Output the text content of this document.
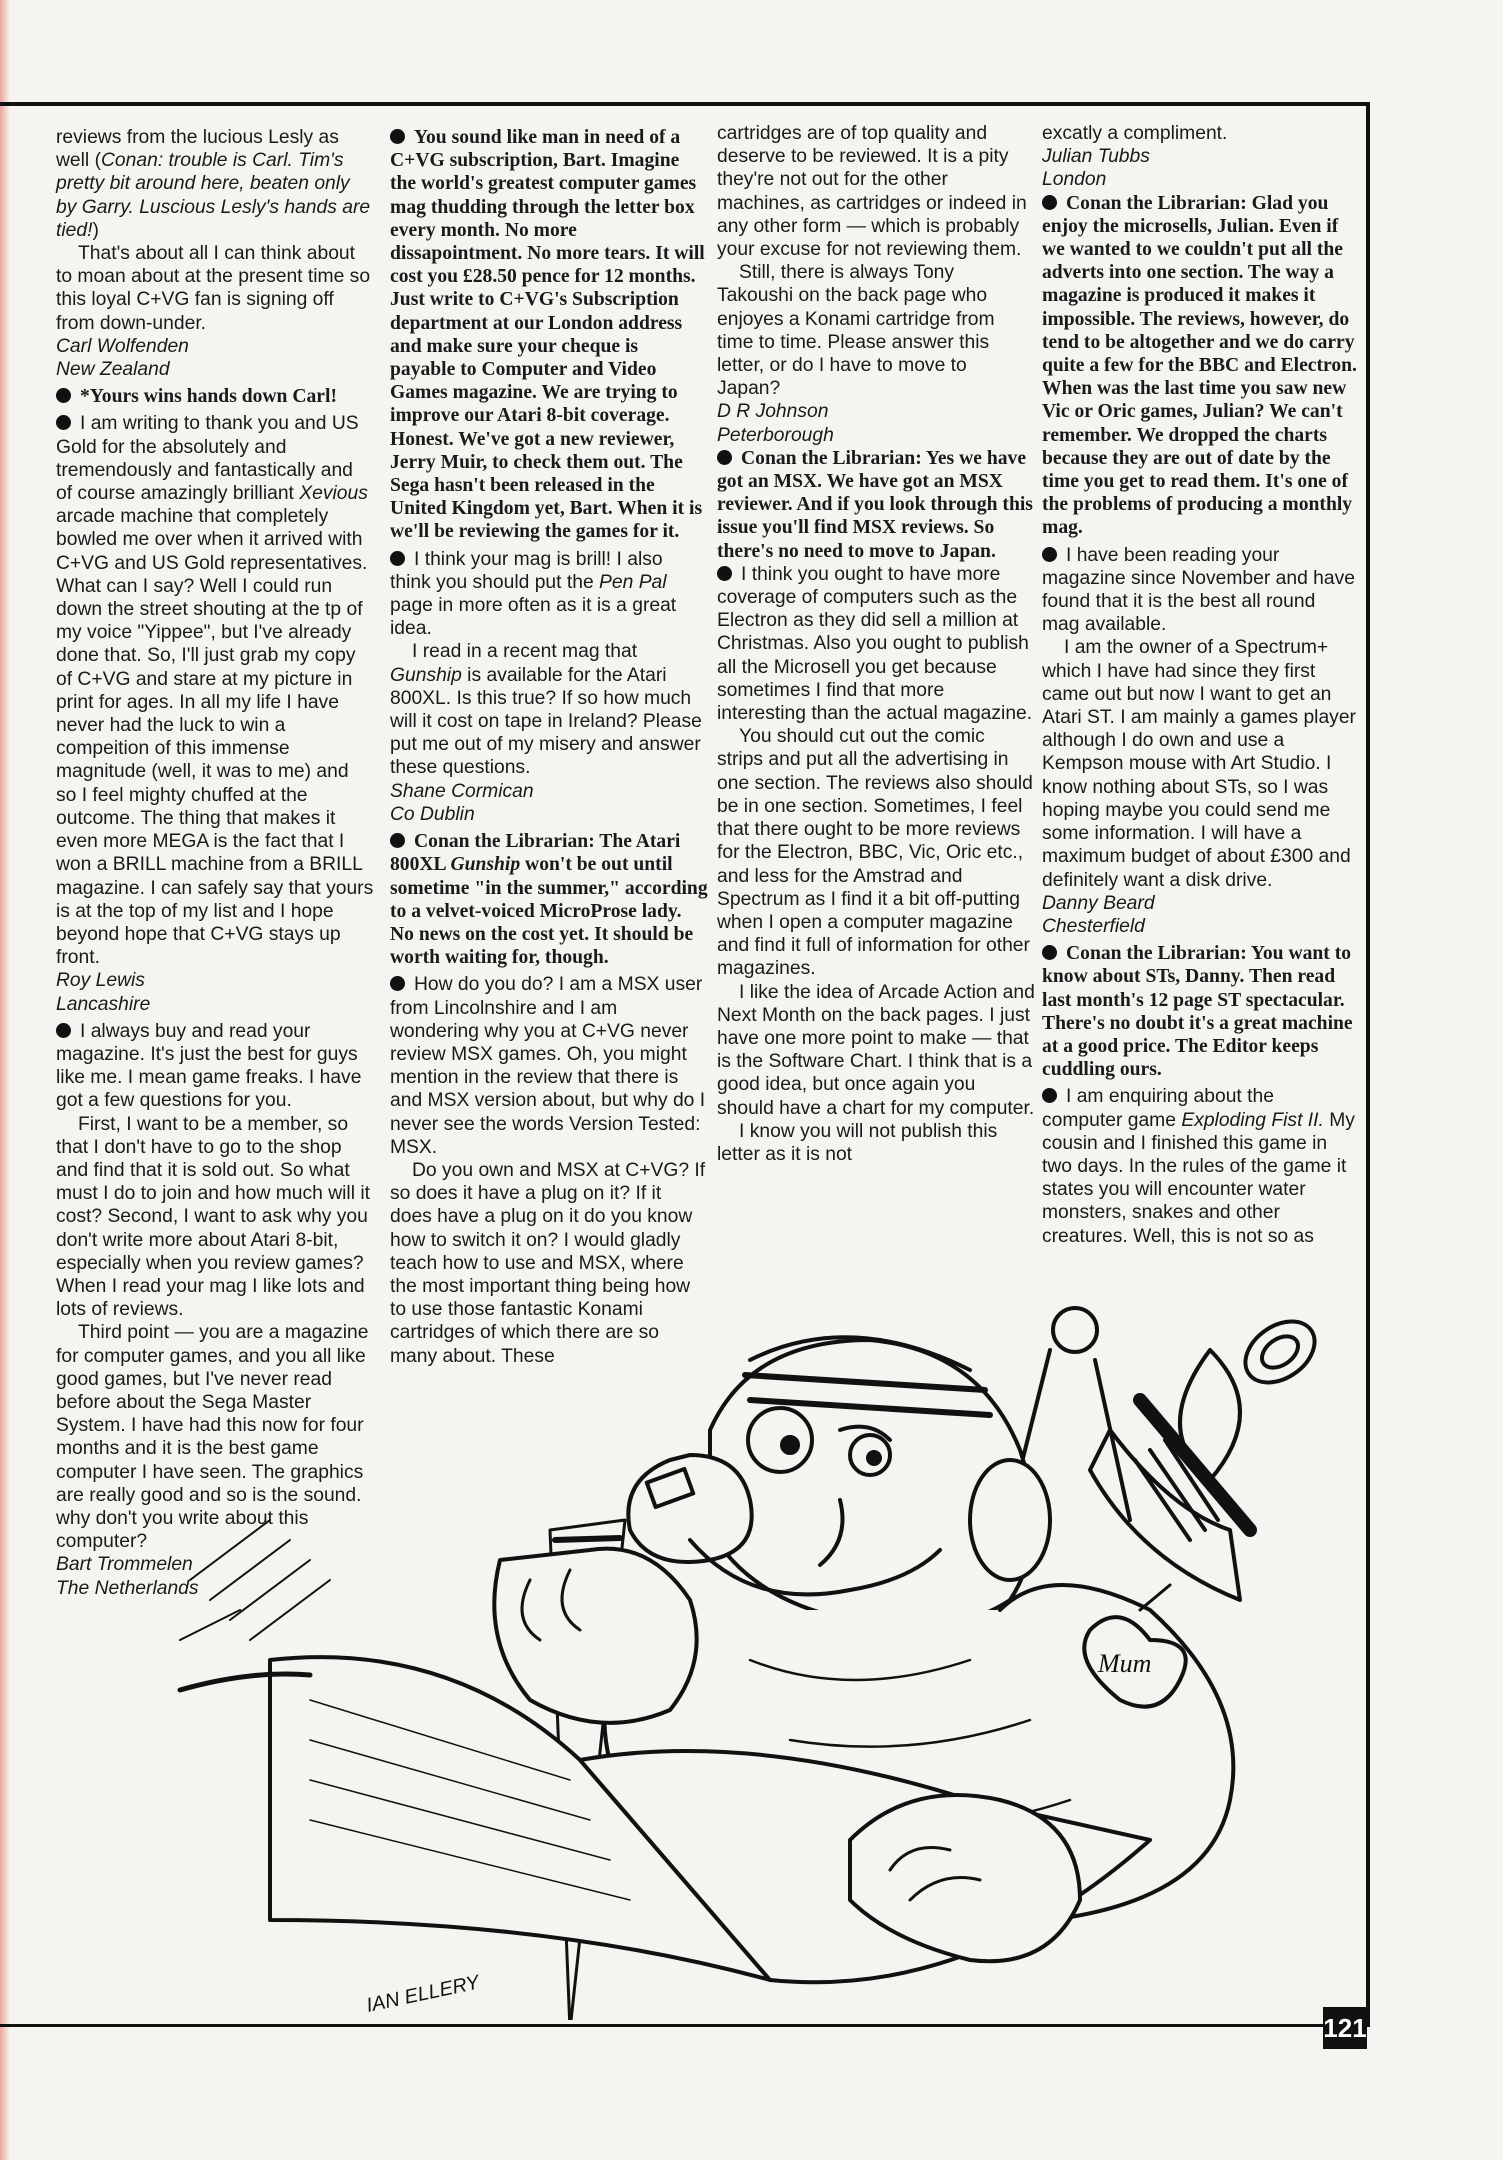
reviews from the lucious Lesly as well (Conan: trouble is Carl. Tim's pretty bit around here, beaten only by Garry. Luscious Lesly's hands are tied!)

That's about all I can think about to moan about at the present time so this loyal C+VG fan is signing off from down-under.

Carl Wolfenden

New Zealand

*Yours wins hands down Carl!

I am writing to thank you and US Gold for the absolutely and tremendously and fantastically and of course amazingly brilliant Xevious arcade machine that completely bowled me over when it arrived with C+VG and US Gold representatives. What can I say? Well I could run down the street shouting at the tp of my voice "Yippee", but I've already done that. So, I'll just grab my copy of C+VG and stare at my picture in print for ages. In all my life I have never had the luck to win a compeition of this immense magnitude (well, it was to me) and so I feel mighty chuffed at the outcome. The thing that makes it even more MEGA is the fact that I won a BRILL machine from a BRILL magazine. I can safely say that yours is at the top of my list and I hope beyond hope that C+VG stays up front.

Roy Lewis

Lancashire

I always buy and read your magazine. It's just the best for guys like me. I mean game freaks. I have got a few questions for you.

First, I want to be a member, so that I don't have to go to the shop and find that it is sold out. So what must I do to join and how much will it cost? Second, I want to ask why you don't write more about Atari 8-bit, especially when you review games? When I read your mag I like lots and lots of reviews.

Third point — you are a magazine for computer games, and you all like good games, but I've never read before about the Sega Master System. I have had this now for four months and it is the best game computer I have seen. The graphics are really good and so is the sound. why don't you write about this computer?

Bart Trommelen

The Netherlands

You sound like man in need of a C+VG subscription, Bart. Imagine the world's greatest computer games mag thudding through the letter box every month. No more dissapointment. No more tears. It will cost you £28.50 pence for 12 months. Just write to C+VG's Subscription department at our London address and make sure your cheque is payable to Computer and Video Games magazine. We are trying to improve our Atari 8-bit coverage. Honest. We've got a new reviewer, Jerry Muir, to check them out. The Sega hasn't been released in the United Kingdom yet, Bart. When it is we'll be reviewing the games for it.

I think your mag is brill! I also think you should put the Pen Pal page in more often as it is a great idea.

I read in a recent mag that Gunship is available for the Atari 800XL. Is this true? If so how much will it cost on tape in Ireland? Please put me out of my misery and answer these questions.

Shane Cormican

Co Dublin

Conan the Librarian: The Atari 800XL Gunship won't be out until sometime "in the summer," according to a velvet-voiced MicroProse lady. No news on the cost yet. It should be worth waiting for, though.

How do you do? I am a MSX user from Lincolnshire and I am wondering why you at C+VG never review MSX games. Oh, you might mention in the review that there is and MSX version about, but why do I never see the words Version Tested: MSX.

Do you own and MSX at C+VG? If so does it have a plug on it? If it does have a plug on it do you know how to switch it on? I would gladly teach how to use and MSX, where the most important thing being how to use those fantastic Konami cartridges of which there are so many about. These

cartridges are of top quality and deserve to be reviewed. It is a pity they're not out for the other machines, as cartridges or indeed in any other form — which is probably your excuse for not reviewing them.

Still, there is always Tony Takoushi on the back page who enjoyes a Konami cartridge from time to time. Please answer this letter, or do I have to move to Japan?

D R Johnson

Peterborough

Conan the Librarian: Yes we have got an MSX. We have got an MSX reviewer. And if you look through this issue you'll find MSX reviews. So there's no need to move to Japan.

I think you ought to have more coverage of computers such as the Electron as they did sell a million at Christmas. Also you ought to publish all the Microsell you get because sometimes I find that more interesting than the actual magazine.

You should cut out the comic strips and put all the advertising in one section. The reviews also should be in one section. Sometimes, I feel that there ought to be more reviews for the Electron, BBC, Vic, Oric etc., and less for the Amstrad and Spectrum as I find it a bit off-putting when I open a computer magazine and find it full of information for other magazines.

I like the idea of Arcade Action and Next Month on the back pages. I just have one more point to make — that is the Software Chart. I think that is a good idea, but once again you should have a chart for my computer.

I know you will not publish this letter as it is not

excatly a compliment.

Julian Tubbs

London

Conan the Librarian: Glad you enjoy the microsells, Julian. Even if we wanted to we couldn't put all the adverts into one section. The way a magazine is produced it makes it impossible. The reviews, however, do tend to be altogether and we do carry quite a few for the BBC and Electron. When was the last time you saw new Vic or Oric games, Julian? We can't remember. We dropped the charts because they are out of date by the time you get to read them. It's one of the problems of producing a monthly mag.

I have been reading your magazine since November and have found that it is the best all round mag available.

I am the owner of a Spectrum+ which I have had since they first came out but now I want to get an Atari ST. I am mainly a games player although I do own and use a Kempson mouse with Art Studio. I know nothing about STs, so I was hoping maybe you could send me some information. I will have a maximum budget of about £300 and definitely want a disk drive.

Danny Beard

Chesterfield

Conan the Librarian: You want to know about STs, Danny. Then read last month's 12 page ST spectacular. There's no doubt it's a great machine at a good price. The Editor keeps cuddling ours.

I am enquiring about the computer game Exploding Fist II. My cousin and I finished this game in two days. In the rules of the game it states you will encounter water monsters, snakes and other creatures. Well, this is not so as

Mum
IAN ELLERY
121
